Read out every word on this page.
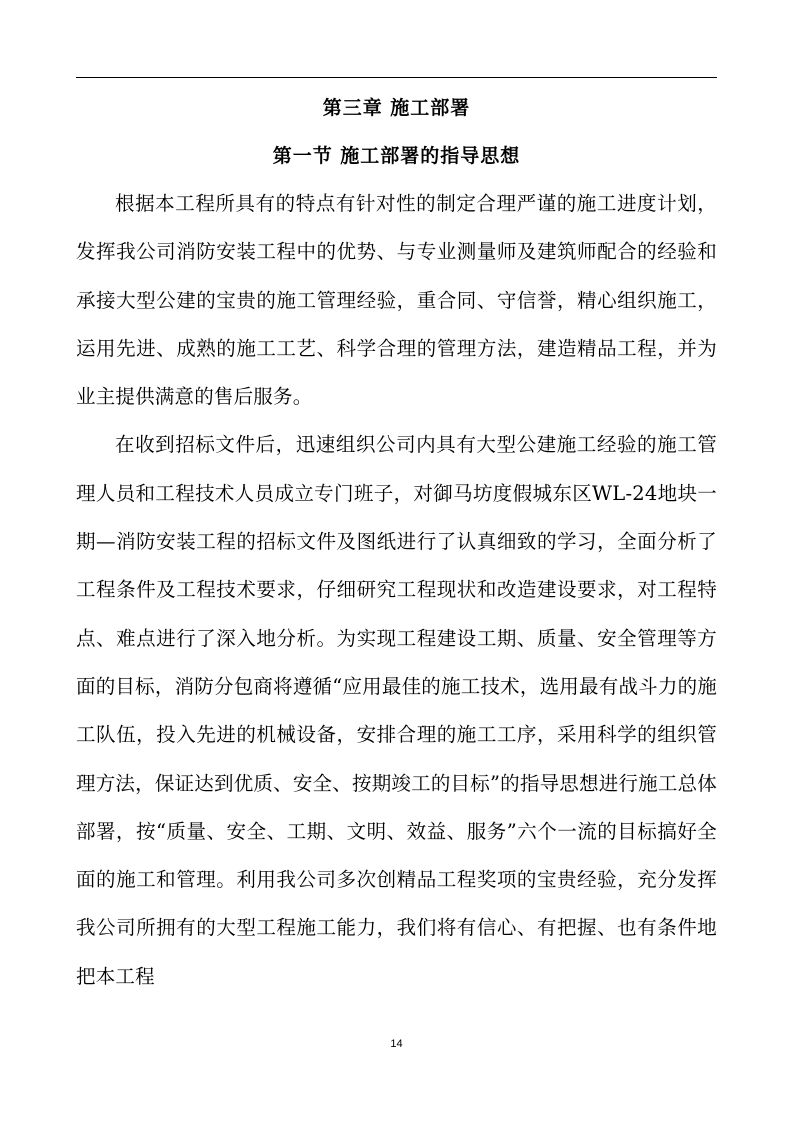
第三章 施工部署
第一节 施工部署的指导思想

根据本工程所具有的特点有针对性的制定合理严谨的施工进度计划，发挥我公司消防安装工程中的优势、与专业测量师及建筑师配合的经验和承接大型公建的宝贵的施工管理经验，重合同、守信誉，精心组织施工，运用先进、成熟的施工工艺、科学合理的管理方法，建造精品工程，并为业主提供满意的售后服务。

在收到招标文件后，迅速组织公司内具有大型公建施工经验的施工管理人员和工程技术人员成立专门班子，对御马坊度假城东区WL-24地块一期—消防安装工程的招标文件及图纸进行了认真细致的学习，全面分析了工程条件及工程技术要求，仔细研究工程现状和改造建设要求，对工程特点、难点进行了深入地分析。为实现工程建设工期、质量、安全管理等方面的目标，消防分包商将遵循“应用最佳的施工技术，选用最有战斗力的施工队伍，投入先进的机械设备，安排合理的施工工序，采用科学的组织管理方法，保证达到优质、安全、按期竣工的目标”的指导思想进行施工总体部署，按“质量、安全、工期、文明、效益、服务”六个一流的目标搞好全面的施工和管理。利用我公司多次创精品工程奖项的宝贵经验，充分发挥我公司所拥有的大型工程施工能力，我们将有信心、有把握、也有条件地把本工程

14
